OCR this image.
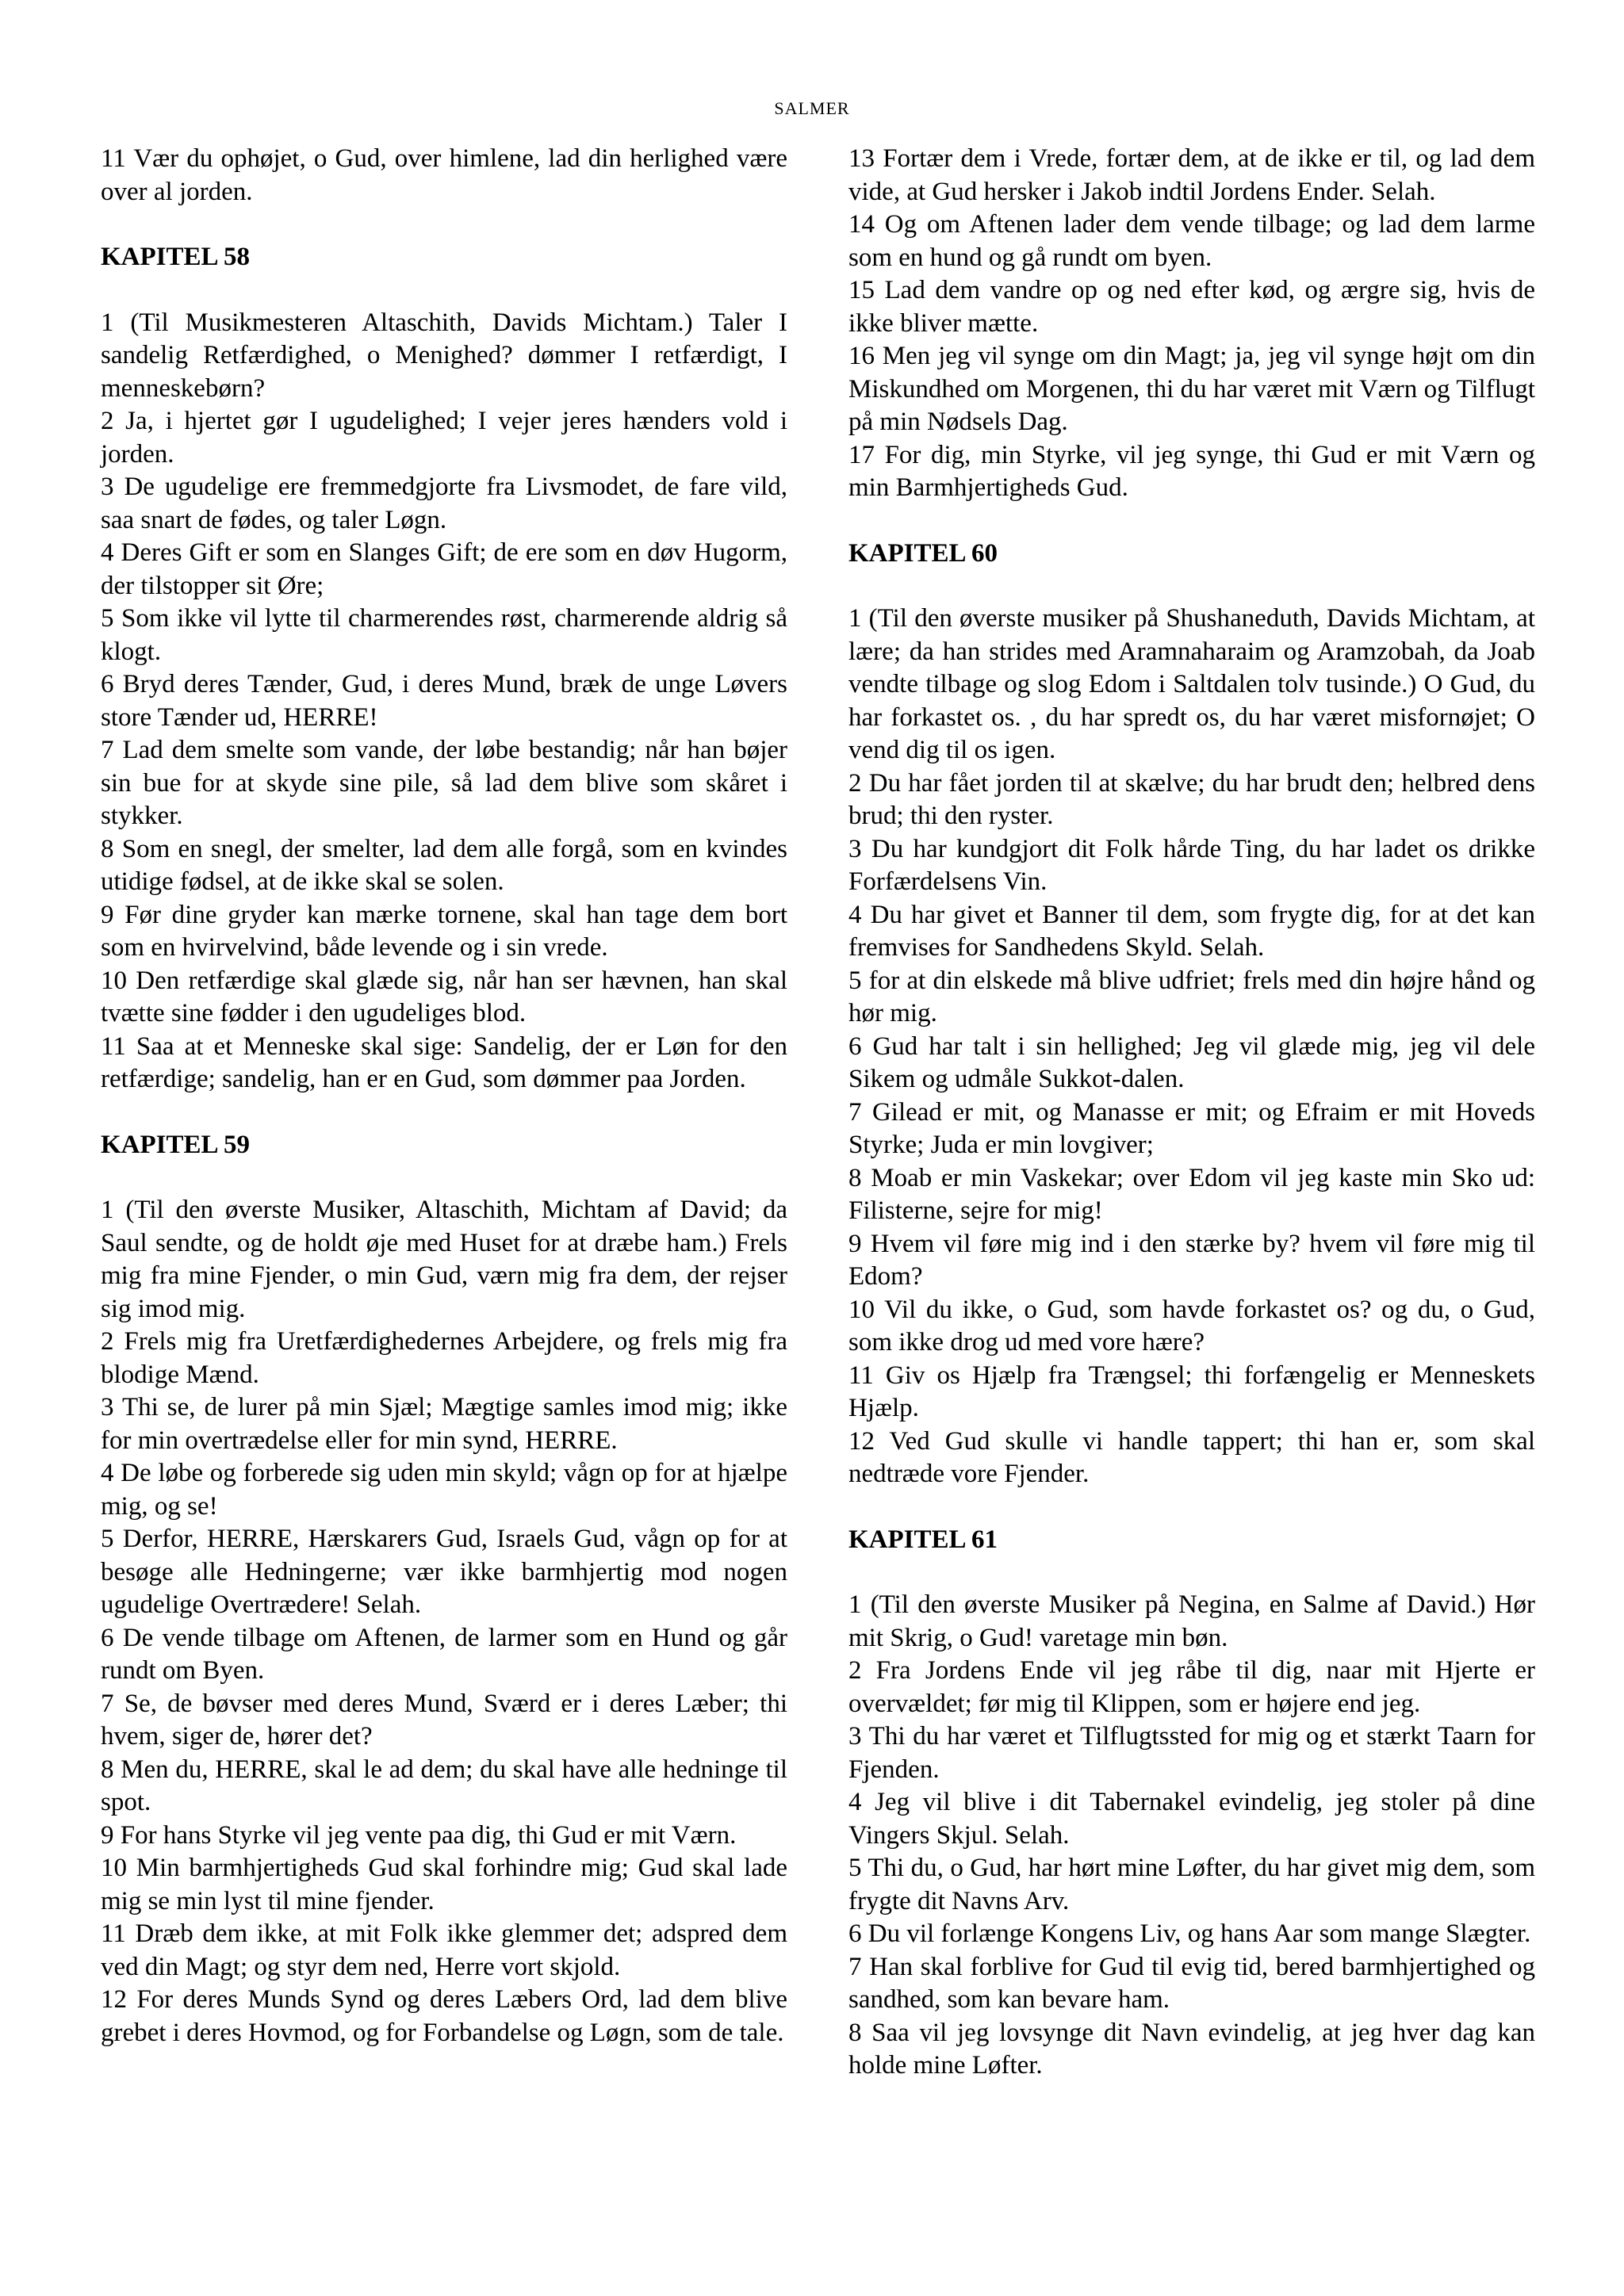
SALMER

11 Vær du ophøjet, o Gud, over himlene, lad din herlighed være over al jorden.

KAPITEL 58

1 (Til Musikmesteren Altaschith, Davids Michtam.) Taler I sandelig Retfærdighed, o Menighed? dømmer I retfærdigt, I menneskebørn?

2 Ja, i hjertet gør I ugudelighed; I vejer jeres hænders vold i jorden.

3 De ugudelige ere fremmedgjorte fra Livsmodet, de fare vild, saa snart de fødes, og taler Løgn.

4 Deres Gift er som en Slanges Gift; de ere som en døv Hugorm, der tilstopper sit Øre;

5 Som ikke vil lytte til charmerendes røst, charmerende aldrig så klogt.

6 Bryd deres Tænder, Gud, i deres Mund, bræk de unge Løvers store Tænder ud, HERRE!

7 Lad dem smelte som vande, der løbe bestandig; når han bøjer sin bue for at skyde sine pile, så lad dem blive som skåret i stykker.

8 Som en snegl, der smelter, lad dem alle forgå, som en kvindes utidige fødsel, at de ikke skal se solen.

9 Før dine gryder kan mærke tornene, skal han tage dem bort som en hvirvelvind, både levende og i sin vrede.

10 Den retfærdige skal glæde sig, når han ser hævnen, han skal tvætte sine fødder i den ugudeliges blod.

11 Saa at et Menneske skal sige: Sandelig, der er Løn for den retfærdige; sandelig, han er en Gud, som dømmer paa Jorden.

KAPITEL 59

1 (Til den øverste Musiker, Altaschith, Michtam af David; da Saul sendte, og de holdt øje med Huset for at dræbe ham.) Frels mig fra mine Fjender, o min Gud, værn mig fra dem, der rejser sig imod mig.

2 Frels mig fra Uretfærdighedernes Arbejdere, og frels mig fra blodige Mænd.

3 Thi se, de lurer på min Sjæl; Mægtige samles imod mig; ikke for min overtrædelse eller for min synd, HERRE.

4 De løbe og forberede sig uden min skyld; vågn op for at hjælpe mig, og se!

5 Derfor, HERRE, Hærskarers Gud, Israels Gud, vågn op for at besøge alle Hedningerne; vær ikke barmhjertig mod nogen ugudelige Overtrædere! Selah.

6 De vende tilbage om Aftenen, de larmer som en Hund og går rundt om Byen.

7 Se, de bøvser med deres Mund, Sværd er i deres Læber; thi hvem, siger de, hører det?

8 Men du, HERRE, skal le ad dem; du skal have alle hedninge til spot.

9 For hans Styrke vil jeg vente paa dig, thi Gud er mit Værn.

10 Min barmhjertigheds Gud skal forhindre mig; Gud skal lade mig se min lyst til mine fjender.

11 Dræb dem ikke, at mit Folk ikke glemmer det; adspred dem ved din Magt; og styr dem ned, Herre vort skjold.

12 For deres Munds Synd og deres Læbers Ord, lad dem blive grebet i deres Hovmod, og for Forbandelse og Løgn, som de tale.

13 Fortær dem i Vrede, fortær dem, at de ikke er til, og lad dem vide, at Gud hersker i Jakob indtil Jordens Ender. Selah.

14 Og om Aftenen lader dem vende tilbage; og lad dem larme som en hund og gå rundt om byen.

15 Lad dem vandre op og ned efter kød, og ærgre sig, hvis de ikke bliver mætte.

16 Men jeg vil synge om din Magt; ja, jeg vil synge højt om din Miskundhed om Morgenen, thi du har været mit Værn og Tilflugt på min Nødsels Dag.

17 For dig, min Styrke, vil jeg synge, thi Gud er mit Værn og min Barmhjertigheds Gud.

KAPITEL 60

1 (Til den øverste musiker på Shushaneduth, Davids Michtam, at lære; da han strides med Aramnaharaim og Aramzobah, da Joab vendte tilbage og slog Edom i Saltdalen tolv tusinde.) O Gud, du har forkastet os. , du har spredt os, du har været misfornøjet; O vend dig til os igen.

2 Du har fået jorden til at skælve; du har brudt den; helbred dens brud; thi den ryster.

3 Du har kundgjort dit Folk hårde Ting, du har ladet os drikke Forfærdelsens Vin.

4 Du har givet et Banner til dem, som frygte dig, for at det kan fremvises for Sandhedens Skyld. Selah.

5 for at din elskede må blive udfriet; frels med din højre hånd og hør mig.

6 Gud har talt i sin hellighed; Jeg vil glæde mig, jeg vil dele Sikem og udmåle Sukkot-dalen.

7 Gilead er mit, og Manasse er mit; og Efraim er mit Hoveds Styrke; Juda er min lovgiver;

8 Moab er min Vaskekar; over Edom vil jeg kaste min Sko ud: Filisterne, sejre for mig!

9 Hvem vil føre mig ind i den stærke by? hvem vil føre mig til Edom?

10 Vil du ikke, o Gud, som havde forkastet os? og du, o Gud, som ikke drog ud med vore hære?

11 Giv os Hjælp fra Trængsel; thi forfængelig er Menneskets Hjælp.

12 Ved Gud skulle vi handle tappert; thi han er, som skal nedtræde vore Fjender.

KAPITEL 61

1 (Til den øverste Musiker på Negina, en Salme af David.) Hør mit Skrig, o Gud! varetage min bøn.

2 Fra Jordens Ende vil jeg råbe til dig, naar mit Hjerte er overvældet; før mig til Klippen, som er højere end jeg.

3 Thi du har været et Tilflugtssted for mig og et stærkt Taarn for Fjenden.

4 Jeg vil blive i dit Tabernakel evindelig, jeg stoler på dine Vingers Skjul. Selah.

5 Thi du, o Gud, har hørt mine Løfter, du har givet mig dem, som frygte dit Navns Arv.

6 Du vil forlænge Kongens Liv, og hans Aar som mange Slægter.

7 Han skal forblive for Gud til evig tid, bered barmhjertighed og sandhed, som kan bevare ham.

8 Saa vil jeg lovsynge dit Navn evindelig, at jeg hver dag kan holde mine Løfter.
